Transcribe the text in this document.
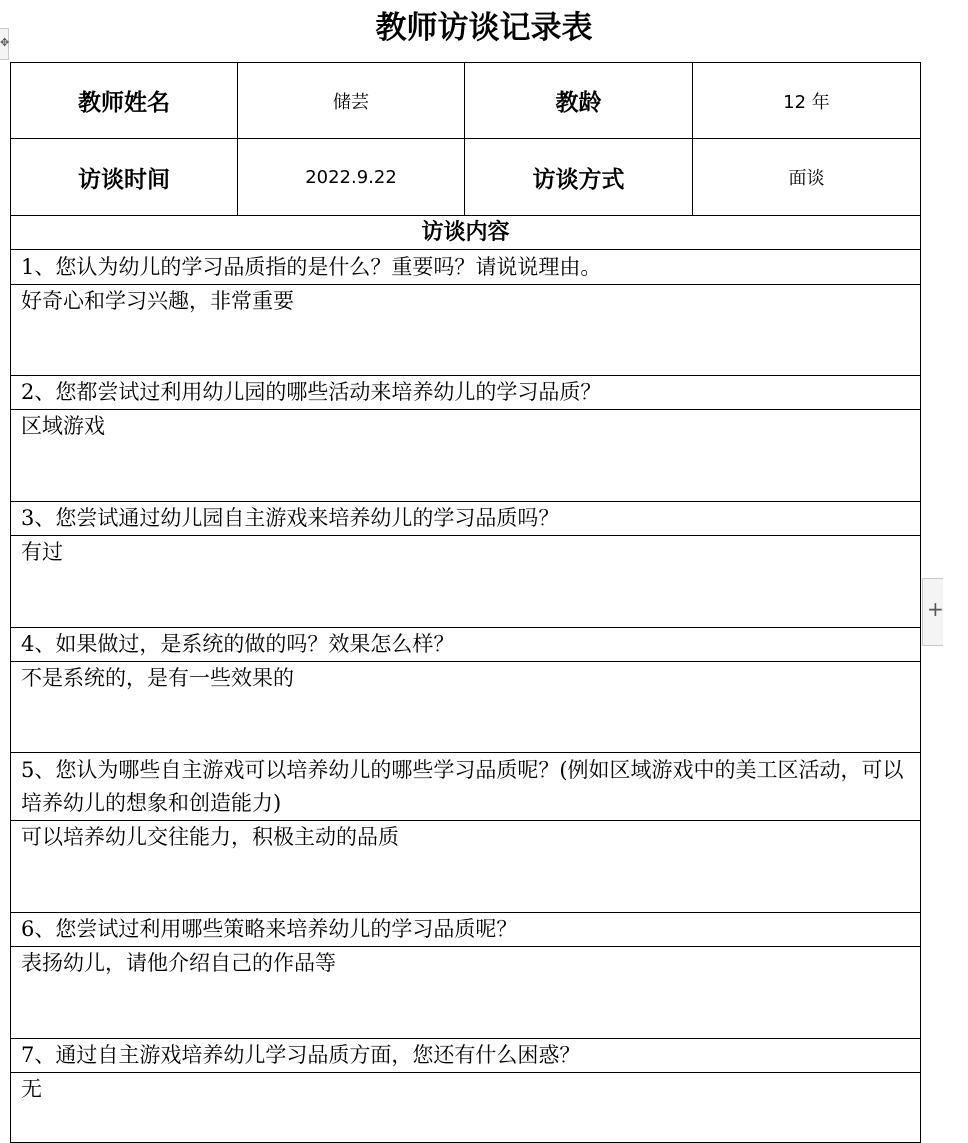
✥
+
教师访谈记录表
教师姓名	储芸	教龄	12 年
访谈时间	2022.9.22	访谈方式	面谈
访谈内容			
1、您认为幼儿的学习品质指的是什么？重要吗？请说说理由。			
好奇心和学习兴趣，非常重要			
2、您都尝试过利用幼儿园的哪些活动来培养幼儿的学习品质？			
区域游戏			
3、您尝试通过幼儿园自主游戏来培养幼儿的学习品质吗？			
有过			
4、如果做过，是系统的做的吗？效果怎么样？			
不是系统的，是有一些效果的			
5、您认为哪些自主游戏可以培养幼儿的哪些学习品质呢？(例如区域游戏中的美工区活动，可以培养幼儿的想象和创造能力)			
可以培养幼儿交往能力，积极主动的品质			
6、您尝试过利用哪些策略来培养幼儿的学习品质呢？			
表扬幼儿，请他介绍自己的作品等			
7、通过自主游戏培养幼儿学习品质方面，您还有什么困惑？			
无			
